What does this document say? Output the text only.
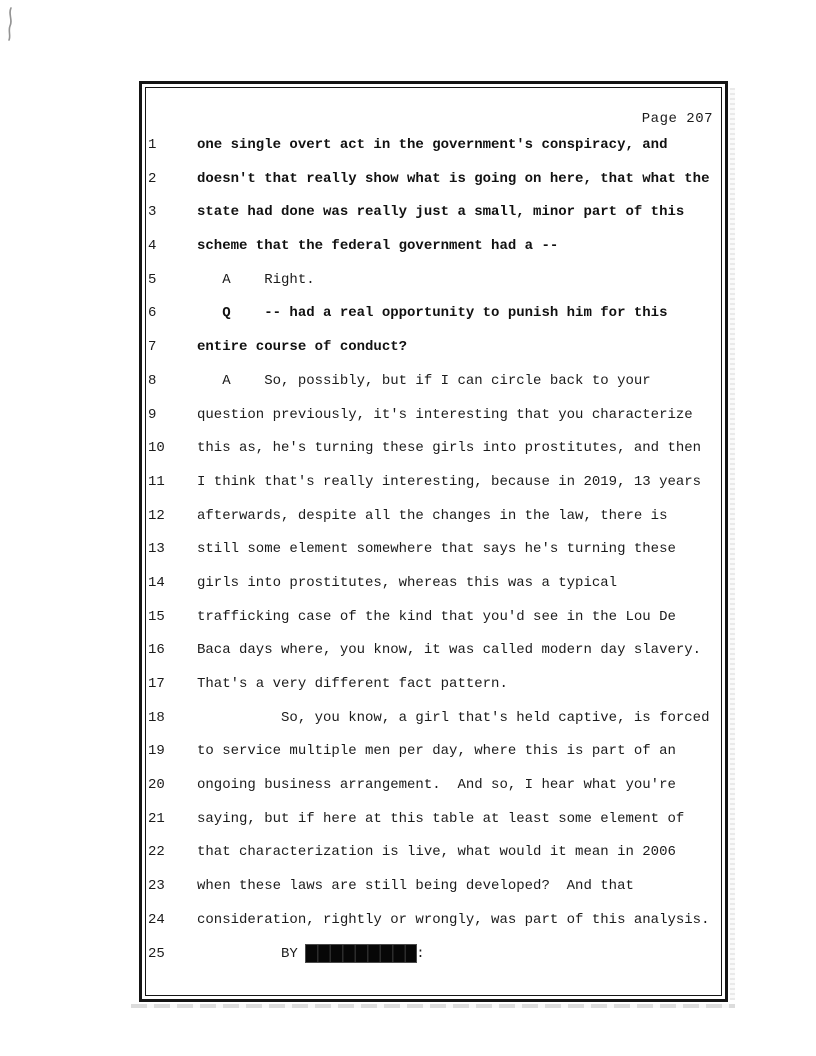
Page 207
1	one single overt act in the government's conspiracy, and
2	doesn't that really show what is going on here, that what the
3	state had done was really just a small, minor part of this
4	scheme that the federal government had a --
5	A    Right.
6	Q    -- had a real opportunity to punish him for this
7	entire course of conduct?
8	A    So, possibly, but if I can circle back to your
9	question previously, it's interesting that you characterize
10	this as, he's turning these girls into prostitutes, and then
11	I think that's really interesting, because in 2019, 13 years
12	afterwards, despite all the changes in the law, there is
13	still some element somewhere that says he's turning these
14	girls into prostitutes, whereas this was a typical
15	trafficking case of the kind that you'd see in the Lou De
16	Baca days where, you know, it was called modern day slavery.
17	That's a very different fact pattern.
18	So, you know, a girl that's held captive, is forced
19	to service multiple men per day, where this is part of an
20	ongoing business arrangement.  And so, I hear what you're
21	saying, but if here at this table at least some element of
22	that characterization is live, what would it mean in 2006
23	when these laws are still being developed?  And that
24	consideration, rightly or wrongly, was part of this analysis.
25	BY	:
